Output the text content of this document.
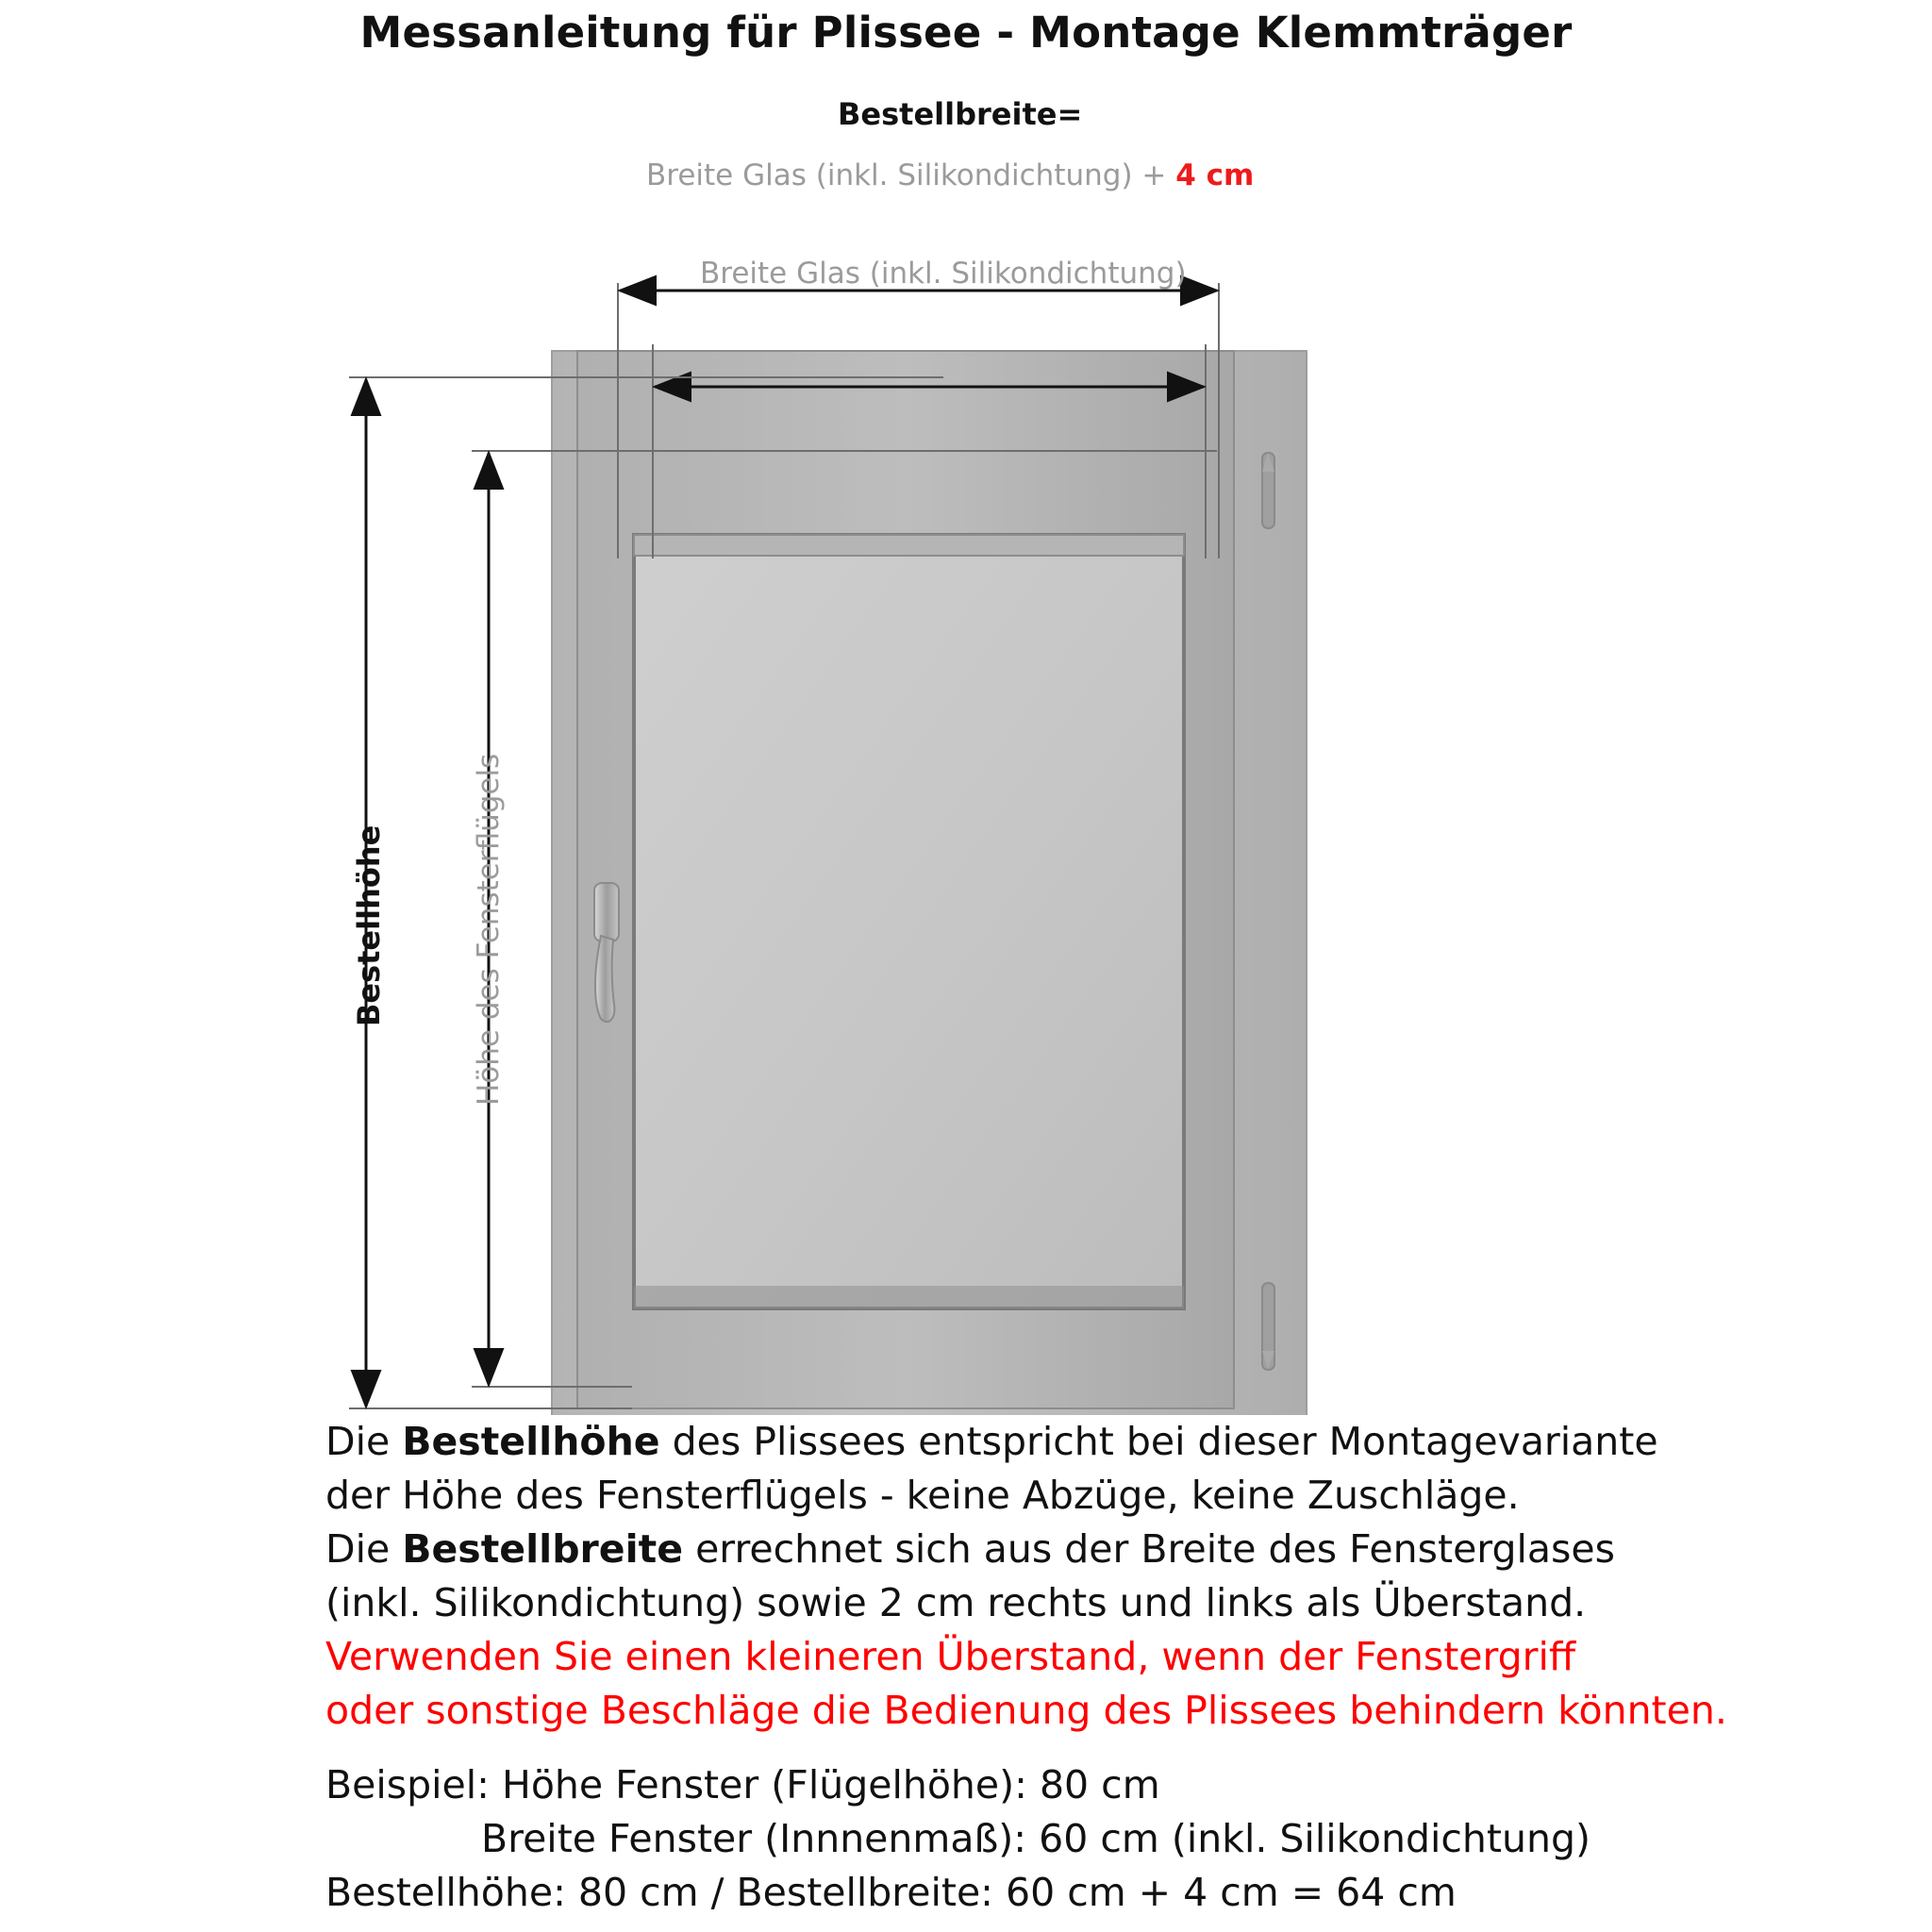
Messanleitung für Plissee - Montage Klemmträger
Bestellbreite=
Breite Glas (inkl. Silikondichtung) + 4 cm
Breite Glas (inkl. Silikondichtung)
Bestellhöhe	Höhe des Fensterflügels
Die Bestellhöhe des Plissees entspricht bei dieser Montagevariante
der Höhe des Fensterflügels - keine Abzüge, keine Zuschläge.
Die Bestellbreite errechnet sich aus der Breite des Fensterglases
(inkl. Silikondichtung) sowie 2 cm rechts und links als Überstand.
Verwenden Sie einen kleineren Überstand, wenn der Fenstergriff
oder sonstige Beschläge die Bedienung des Plissees behindern könnten.
Beispiel: Höhe Fenster (Flügelhöhe): 80 cm
Breite Fenster (Innnenmaß): 60 cm (inkl. Silikondichtung)
Bestellhöhe: 80 cm / Bestellbreite: 60 cm + 4 cm = 64 cm
